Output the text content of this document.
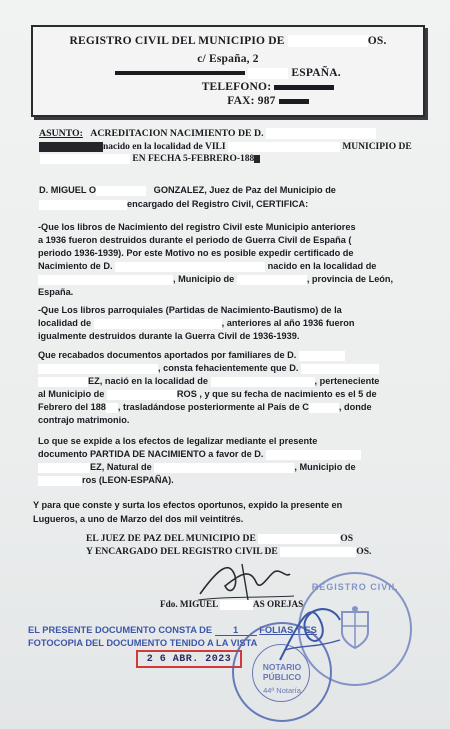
REGISTRO CIVIL DEL MUNICIPIO DE	OS.
c/ España, 2
ESPAÑA.
TELEFONO:
FAX: 987
ASUNTO: ACREDITACION NACIMIENTO DE D.
nacido en la localidad de VILI	MUNICIPIO DE
EN FECHA 5-FEBRERO-188
D. MIGUEL O	GONZALEZ, Juez de Paz del Municipio de
encargado del Registro Civil, CERTIFICA:
-Que los libros de Nacimiento del registro Civil este Municipio anteriores
a 1936 fueron destruidos durante el periodo de Guerra Civil de España (
periodo 1936-1939). Por este Motivo no es posible expedir certificado de
Nacimiento de D.	nacido en la localidad de
, Municipio de	, provincia de León,
España.
-Que Los libros parroquiales (Partidas de Nacimiento-Bautismo) de la
localidad de	, anteriores al año 1936 fueron
igualmente destruidos durante la Guerra Civil de 1936-1939.
Que recabados documentos aportados por familiares de D.
, consta fehacientemente que D.
EZ, nació en la localidad de	, perteneciente
al Municipio de	ROS , y que su fecha de nacimiento es el 5 de
Febrero del 188 , trasladándose posteriormente al País de C	, donde
contrajo matrimonio.
Lo que se expide a los efectos de legalizar mediante el presente
documento PARTIDA DE NACIMIENTO a favor de D.
EZ, Natural de	, Municipio de
ros (LEON-ESPAÑA).
Y para que conste y surta los efectos oportunos, expido la presente en
Lugueros, a uno de Marzo del dos mil veintitrés.
EL JUEZ DE PAZ DEL MUNICIPIO DE	OS
Y ENCARGADO DEL REGISTRO CIVIL DE	OS.
Fdo. MIGUEL	AS OREJAS
EL PRESENTE DOCUMENTO CONSTA DE 1 FOLIAS Y ES
FOTOCOPIA DEL DOCUMENTO TENIDO A LA VISTA
2 6 ABR. 2023
REGISTRO CIVIL
NOTARIO PÚBLICO
44ª Notaría
